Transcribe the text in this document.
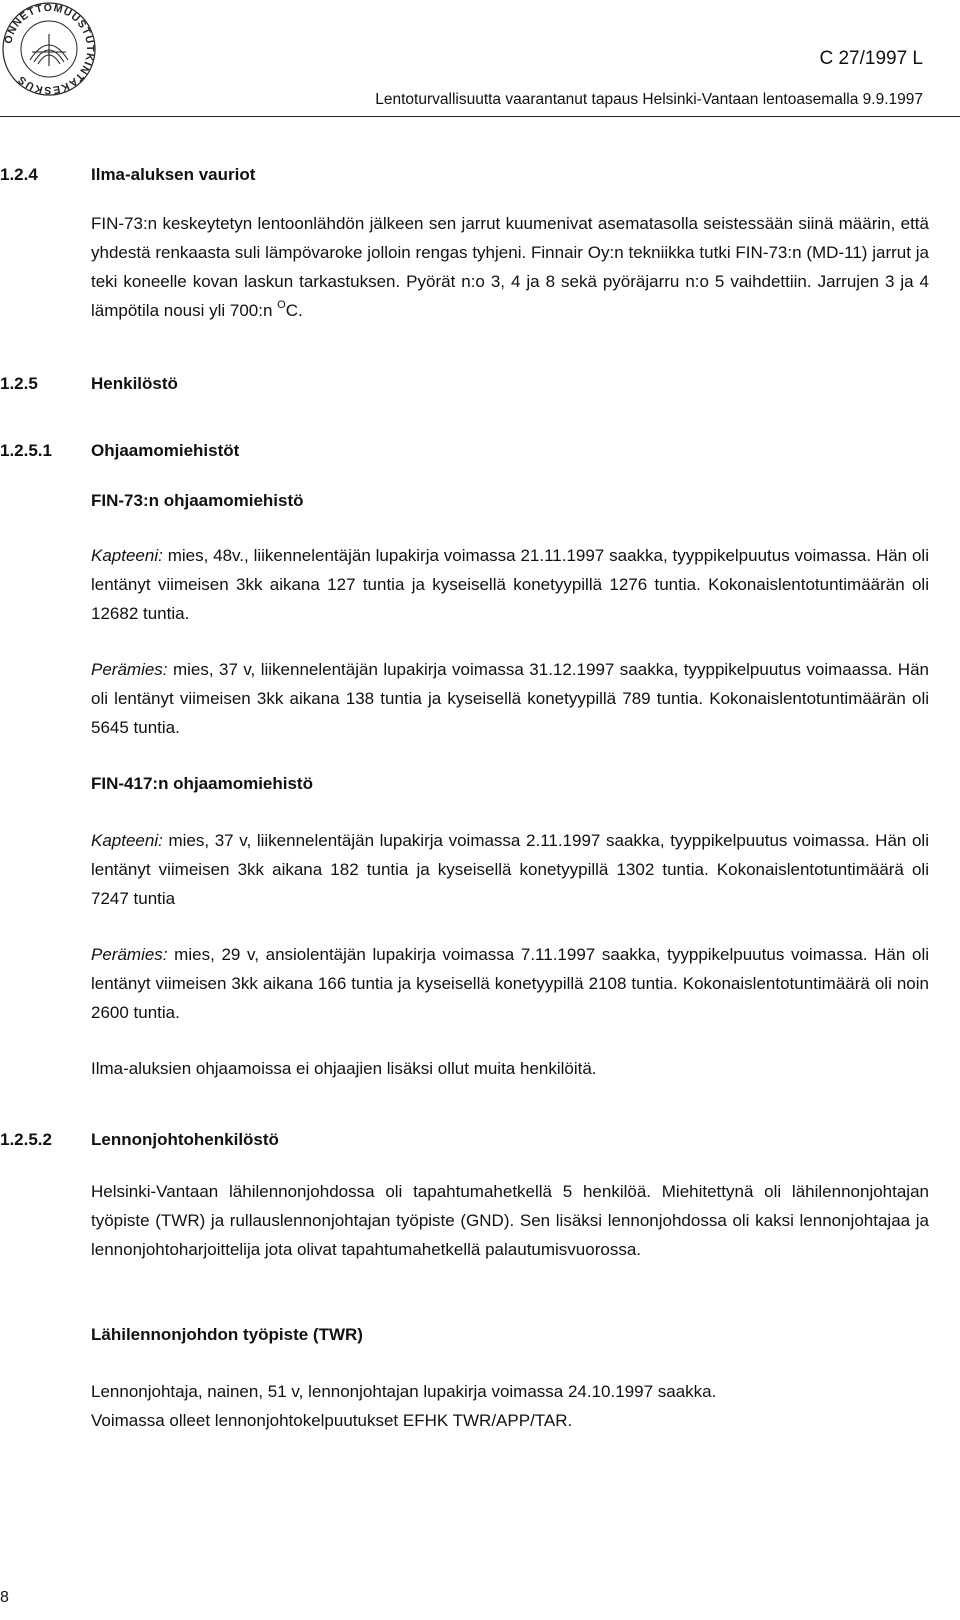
ONNETTOMUUSTUTKINTAKESKUS
C 27/1997 L
Lentoturvallisuutta vaarantanut tapaus Helsinki-Vantaan lentoasemalla 9.9.1997
1.2.4	Ilma-aluksen vauriot
FIN-73:n keskeytetyn lentoonlähdön jälkeen sen jarrut kuumenivat asematasolla seistessään siinä määrin, että yhdestä renkaasta suli lämpövaroke jolloin rengas tyhjeni. Finnair Oy:n tekniikka tutki FIN-73:n (MD-11) jarrut ja teki koneelle kovan laskun tarkastuksen. Pyörät n:o 3, 4 ja 8 sekä pyöräjarru n:o 5 vaihdettiin. Jarrujen 3 ja 4 lämpötila nousi yli 700:n $^O$C.
1.2.5	Henkilöstö
1.2.5.1 Ohjaamomiehistöt
FIN-73:n ohjaamomiehistö
Kapteeni: mies, 48v., liikennelentäjän lupakirja voimassa 21.11.1997 saakka, tyyppikelpuutus voimassa. Hän oli lentänyt viimeisen 3kk aikana 127 tuntia ja kyseisellä konetyypillä 1276 tuntia. Kokonaislentotuntimäärän oli 12682 tuntia.
Perämies: mies, 37 v, liikennelentäjän lupakirja voimassa 31.12.1997 saakka, tyyppikelpuutus voimaassa. Hän oli lentänyt viimeisen 3kk aikana 138 tuntia ja kyseisellä konetyypillä 789 tuntia. Kokonaislentotuntimäärän oli 5645 tuntia.
FIN-417:n ohjaamomiehistö
Kapteeni: mies, 37 v, liikennelentäjän lupakirja voimassa 2.11.1997 saakka, tyyppikelpuutus voimassa. Hän oli lentänyt viimeisen 3kk aikana 182 tuntia ja kyseisellä konetyypillä 1302 tuntia. Kokonaislentotuntimäärä oli 7247 tuntia
Perämies: mies, 29 v, ansiolentäjän lupakirja voimassa 7.11.1997 saakka, tyyppikelpuutus voimassa. Hän oli lentänyt viimeisen 3kk aikana 166 tuntia ja kyseisellä konetyypillä 2108 tuntia. Kokonaislentotuntimäärä oli noin 2600 tuntia.
Ilma-aluksien ohjaamoissa ei ohjaajien lisäksi ollut muita henkilöitä.
1.2.5.2 Lennonjohtohenkilöstö
Helsinki-Vantaan lähilennonjohdossa oli tapahtumahetkellä 5 henkilöä. Miehitettynä oli lähilennonjohtajan työpiste (TWR) ja rullauslennonjohtajan työpiste (GND). Sen lisäksi lennonjohdossa oli kaksi lennonjohtajaa ja lennonjohtoharjoittelija jota olivat tapahtumahetkellä palautumisvuorossa.
Lähilennonjohdon työpiste (TWR)
Lennonjohtaja, nainen, 51 v, lennonjohtajan lupakirja voimassa 24.10.1997 saakka.
Voimassa olleet lennonjohtokelpuutukset EFHK TWR/APP/TAR.
8
